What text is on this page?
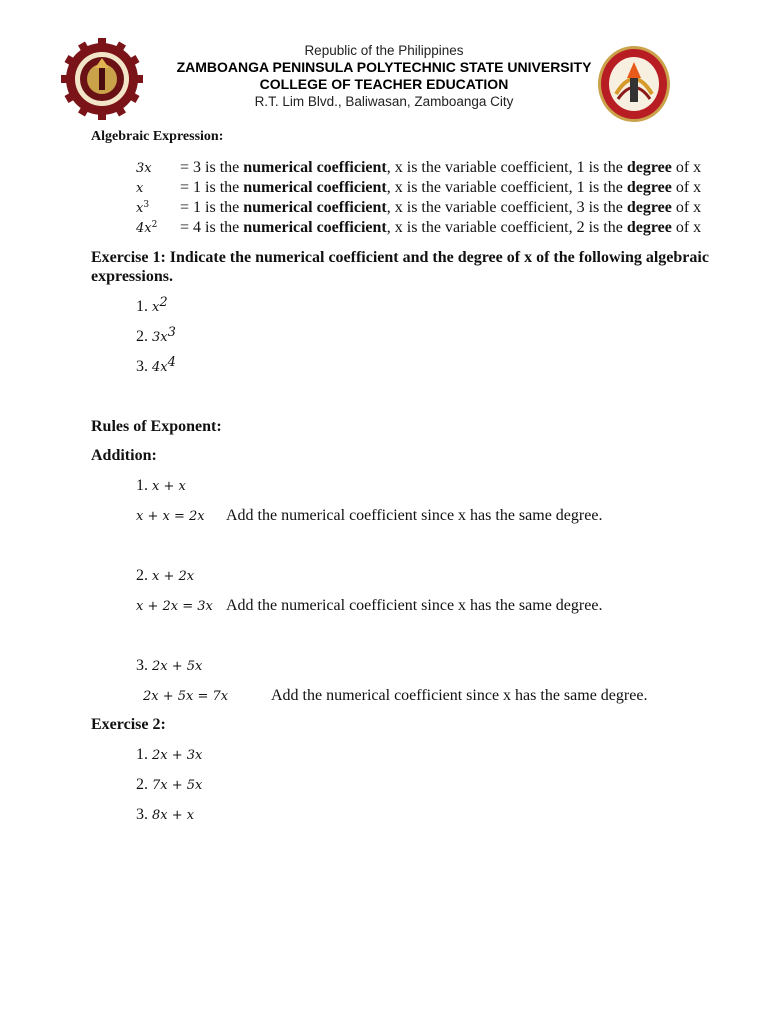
Republic of the Philippines
ZAMBOANGA PENINSULA POLYTECHNIC STATE UNIVERSITY
COLLEGE OF TEACHER EDUCATION
R.T. Lim Blvd., Baliwasan, Zamboanga City
Algebraic Expression:
3x = 3 is the numerical coefficient, x is the variable coefficient, 1 is the degree of x
x = 1 is the numerical coefficient, x is the variable coefficient, 1 is the degree of x
$x^3 = 1$ is the numerical coefficient, x is the variable coefficient, 3 is the degree of x
$4x^2 = 4$ is the numerical coefficient, x is the variable coefficient, 2 is the degree of x
Exercise 1: Indicate the numerical coefficient and the degree of x of the following algebraic
expressions.
1. $x^2$
2. $3x^3$
3. $4x^4$
Rules of Exponent:
Addition:
1. x + x
x + x = 2x Add the numerical coefficient since x has the same degree.
2. x + 2x
x + 2x = 3x Add the numerical coefficient since x has the same degree.
3. 2x + 5x
2x + 5x = 7x	Add the numerical coefficient since x has the same degree.
Exercise 2:
1. 2x + 3x
2. 7x + 5x
3. 8x + x
